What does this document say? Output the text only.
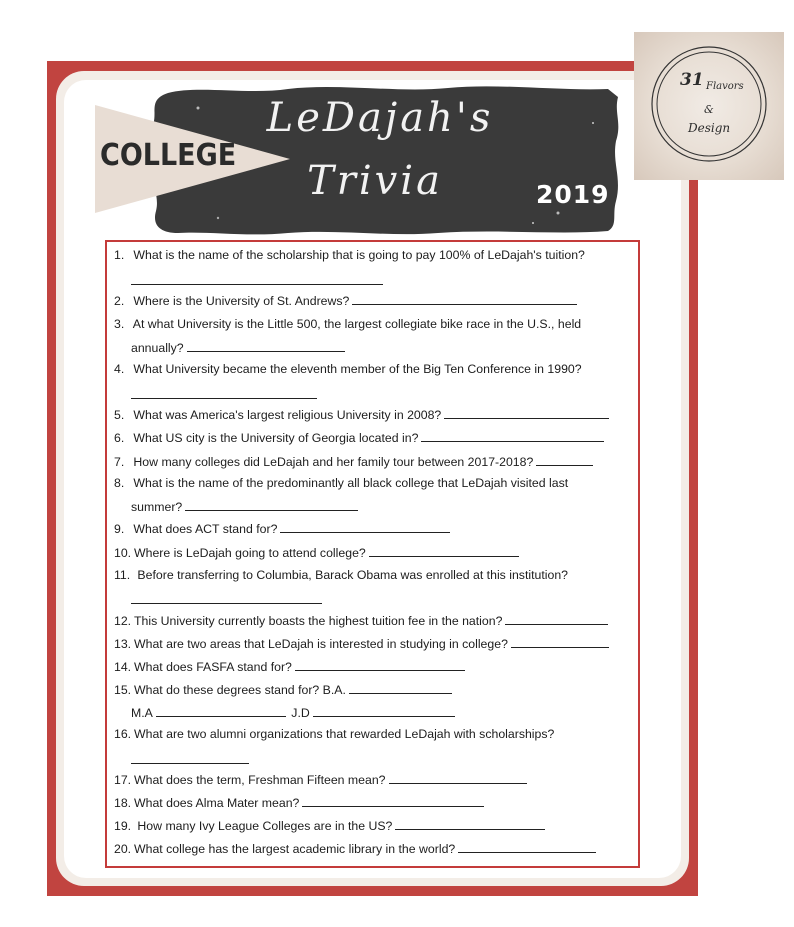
LeDajah's
Trivia	2019
COLLEGE
31 Flavors
&
Design
1. What is the name of the scholarship that is going to pay 100% of LeDajah's tuition?
2. Where is the University of St. Andrews?
3. At what University is the Little 500, the largest collegiate bike race in the U.S., held
annually?
4. What University became the eleventh member of the Big Ten Conference in 1990?
5. What was America's largest religious University in 2008?
6. What US city is the University of Georgia located in?
7. How many colleges did LeDajah and her family tour between 2017-2018?
8. What is the name of the predominantly all black college that LeDajah visited last
summer?
9. What does ACT stand for?
10. Where is LeDajah going to attend college?
11. Before transferring to Columbia, Barack Obama was enrolled at this institution?
12. This University currently boasts the highest tuition fee in the nation?
13. What are two areas that LeDajah is interested in studying in college?
14. What does FASFA stand for?
15. What do these degrees stand for? B.A.
M.A	J.D
16. What are two alumni organizations that rewarded LeDajah with scholarships?
17. What does the term, Freshman Fifteen mean?
18. What does Alma Mater mean?
19. How many Ivy League Colleges are in the US?
20. What college has the largest academic library in the world?
